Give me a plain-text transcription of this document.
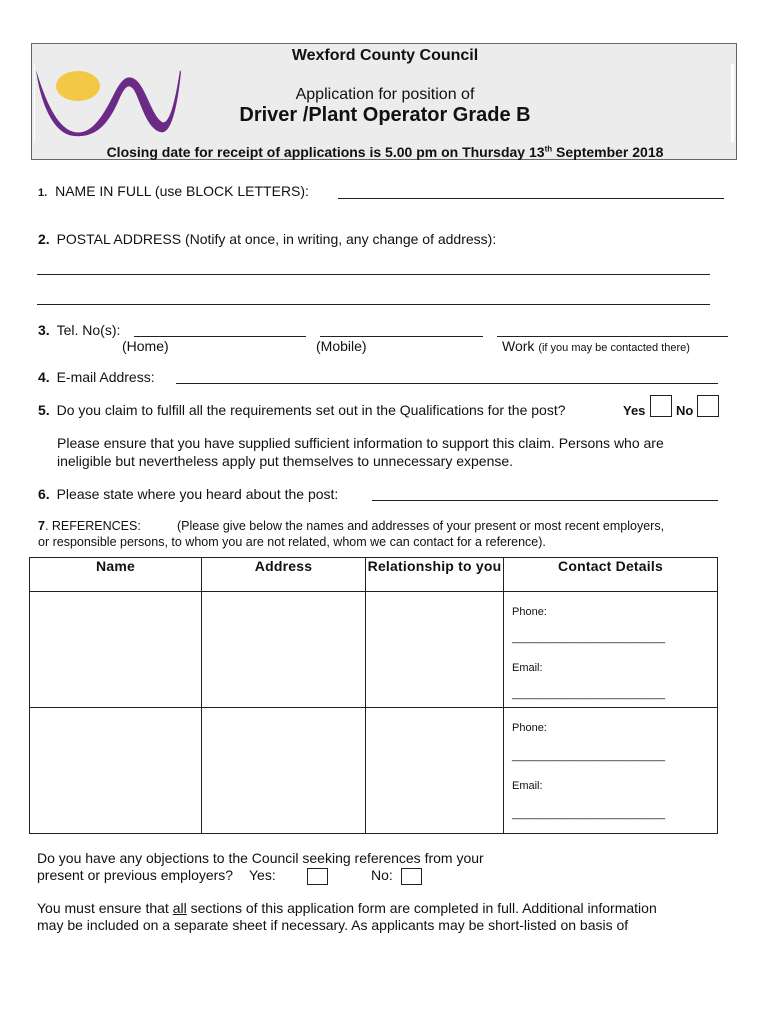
Wexford County Council
Application for position of
Driver /Plant Operator Grade B
Closing date for receipt of applications is 5.00 pm on Thursday 13th September 2018
1. NAME IN FULL (use BLOCK LETTERS):
2. POSTAL ADDRESS (Notify at once, in writing, any change of address):
3. Tel. No(s):
(Home)	(Mobile)	Work (if you may be contacted there)
4. E-mail Address:
5. Do you claim to fulfill all the requirements set out in the Qualifications for the post?	Yes No
Please ensure that you have supplied sufficient information to support this claim. Persons who are
ineligible but nevertheless apply put themselves to unnecessary expense.
6. Please state where you heard about the post:
7. REFERENCES:	(Please give below the names and addresses of your present or most recent employers,
or responsible persons, to whom you are not related, whom we can contact for a reference).
Name	Address	Relationship to you	Contact Details

			Phone:
_________________________
Email:
_________________________

			Phone:
_________________________
Email:
_________________________
Do you have any objections to the Council seeking references from your
present or previous employers? Yes:	No:
You must ensure that all sections of this application form are completed in full. Additional information
may be included on a separate sheet if necessary. As applicants may be short-listed on basis of
